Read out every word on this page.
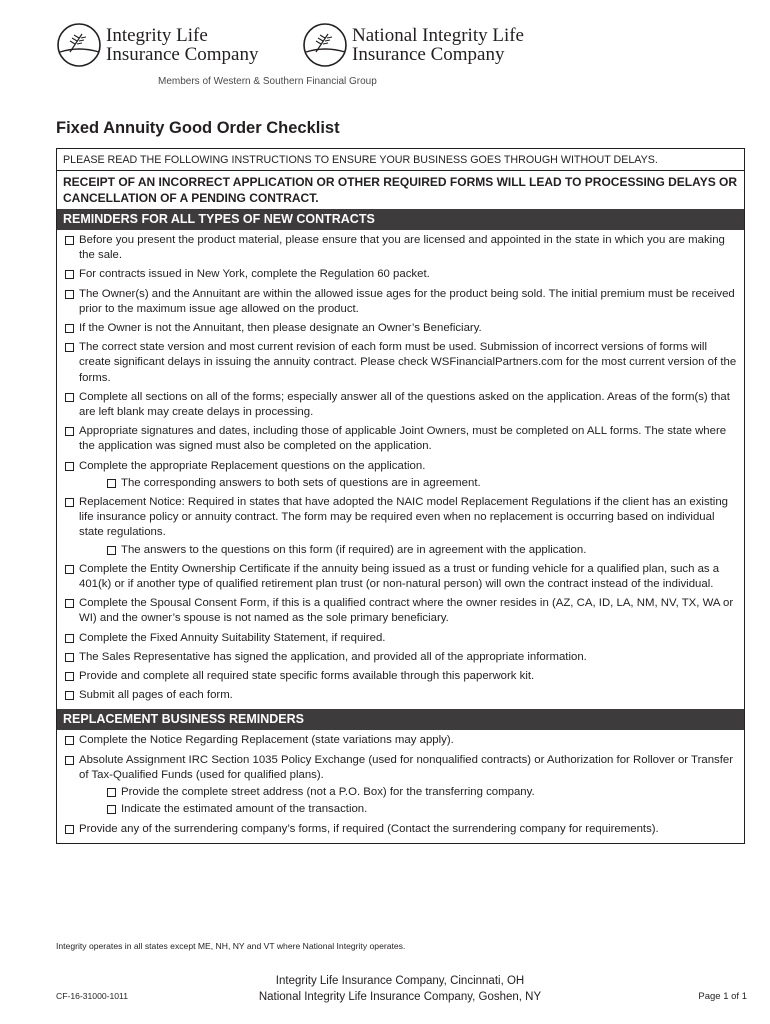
Integrity Life
Insurance Company
National Integrity Life
Insurance Company
Members of Western & Southern Financial Group
Fixed Annuity Good Order Checklist
PLEASE READ THE FOLLOWING INSTRUCTIONS TO ENSURE YOUR BUSINESS GOES THROUGH WITHOUT DELAYS.
RECEIPT OF AN INCORRECT APPLICATION OR OTHER REQUIRED FORMS WILL LEAD TO PROCESSING DELAYS OR CANCELLATION OF A PENDING CONTRACT.
REMINDERS FOR ALL TYPES OF NEW CONTRACTS
Before you present the product material, please ensure that you are licensed and appointed in the state in which you are making the sale.
For contracts issued in New York, complete the Regulation 60 packet.
The Owner(s) and the Annuitant are within the allowed issue ages for the product being sold. The initial premium must be received prior to the maximum issue age allowed on the product.
If the Owner is not the Annuitant, then please designate an Owner’s Beneficiary.
The correct state version and most current revision of each form must be used. Submission of incorrect versions of forms will create significant delays in issuing the annuity contract. Please check WSFinancialPartners.com for the most current version of the forms.
Complete all sections on all of the forms; especially answer all of the questions asked on the application. Areas of the form(s) that are left blank may create delays in processing.
Appropriate signatures and dates, including those of applicable Joint Owners, must be completed on ALL forms. The state where the application was signed must also be completed on the application.
Complete the appropriate Replacement questions on the application.
The corresponding answers to both sets of questions are in agreement.
Replacement Notice: Required in states that have adopted the NAIC model Replacement Regulations if the client has an existing life insurance policy or annuity contract. The form may be required even when no replacement is occurring based on individual state regulations.
The answers to the questions on this form (if required) are in agreement with the application.
Complete the Entity Ownership Certificate if the annuity being issued as a trust or funding vehicle for a qualified plan, such as a 401(k) or if another type of qualified retirement plan trust (or non-natural person) will own the contract instead of the individual.
Complete the Spousal Consent Form, if this is a qualified contract where the owner resides in (AZ, CA, ID, LA, NM, NV, TX, WA or WI) and the owner’s spouse is not named as the sole primary beneficiary.
Complete the Fixed Annuity Suitability Statement, if required.
The Sales Representative has signed the application, and provided all of the appropriate information.
Provide and complete all required state specific forms available through this paperwork kit.
Submit all pages of each form.
REPLACEMENT BUSINESS REMINDERS
Complete the Notice Regarding Replacement (state variations may apply).
Absolute Assignment IRC Section 1035 Policy Exchange (used for nonqualified contracts) or Authorization for Rollover or Transfer of Tax-Qualified Funds (used for qualified plans).
Provide the complete street address (not a P.O. Box) for the transferring company.
Indicate the estimated amount of the transaction.
Provide any of the surrendering company’s forms, if required (Contact the surrendering company for requirements).
Integrity operates in all states except ME, NH, NY and VT where National Integrity operates.
Integrity Life Insurance Company, Cincinnati, OH
National Integrity Life Insurance Company, Goshen, NY
CF-16-31000-1011	Page 1 of 1
